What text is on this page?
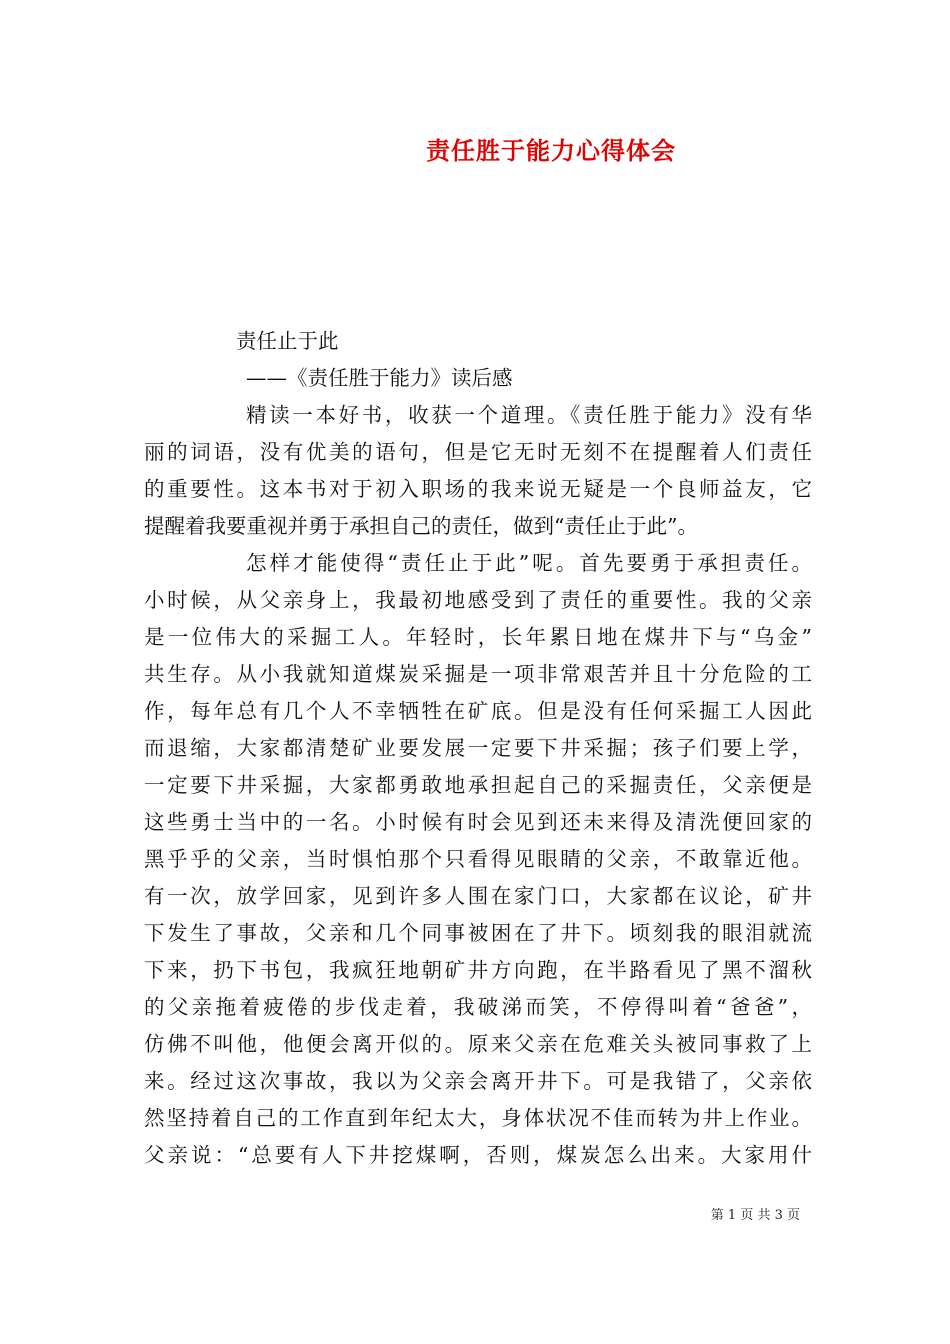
责任胜于能力心得体会
责任止于此
——《责任胜于能力》读后感
精读一本好书，收获一个道理。《责任胜于能力》没有华
丽的词语，没有优美的语句，但是它无时无刻不在提醒着人们责任
的重要性。这本书对于初入职场的我来说无疑是一个良师益友，它
提醒着我要重视并勇于承担自己的责任，做到“责任止于此”。
怎样才能使得“责任止于此”呢。首先要勇于承担责任。
小时候，从父亲身上，我最初地感受到了责任的重要性。我的父亲
是一位伟大的采掘工人。年轻时，长年累日地在煤井下与“乌金”
共生存。从小我就知道煤炭采掘是一项非常艰苦并且十分危险的工
作，每年总有几个人不幸牺牲在矿底。但是没有任何采掘工人因此
而退缩，大家都清楚矿业要发展一定要下井采掘；孩子们要上学，
一定要下井采掘，大家都勇敢地承担起自己的采掘责任，父亲便是
这些勇士当中的一名。小时候有时会见到还未来得及清洗便回家的
黑乎乎的父亲，当时惧怕那个只看得见眼睛的父亲，不敢靠近他。
有一次，放学回家，见到许多人围在家门口，大家都在议论，矿井
下发生了事故，父亲和几个同事被困在了井下。顷刻我的眼泪就流
下来，扔下书包，我疯狂地朝矿井方向跑，在半路看见了黑不溜秋
的父亲拖着疲倦的步伐走着，我破涕而笑，不停得叫着“爸爸”，
仿佛不叫他，他便会离开似的。原来父亲在危难关头被同事救了上
来。经过这次事故，我以为父亲会离开井下。可是我错了，父亲依
然坚持着自己的工作直到年纪太大，身体状况不佳而转为井上作业。
父亲说：“总要有人下井挖煤啊，否则，煤炭怎么出来。大家用什
第 1 页 共 3 页
